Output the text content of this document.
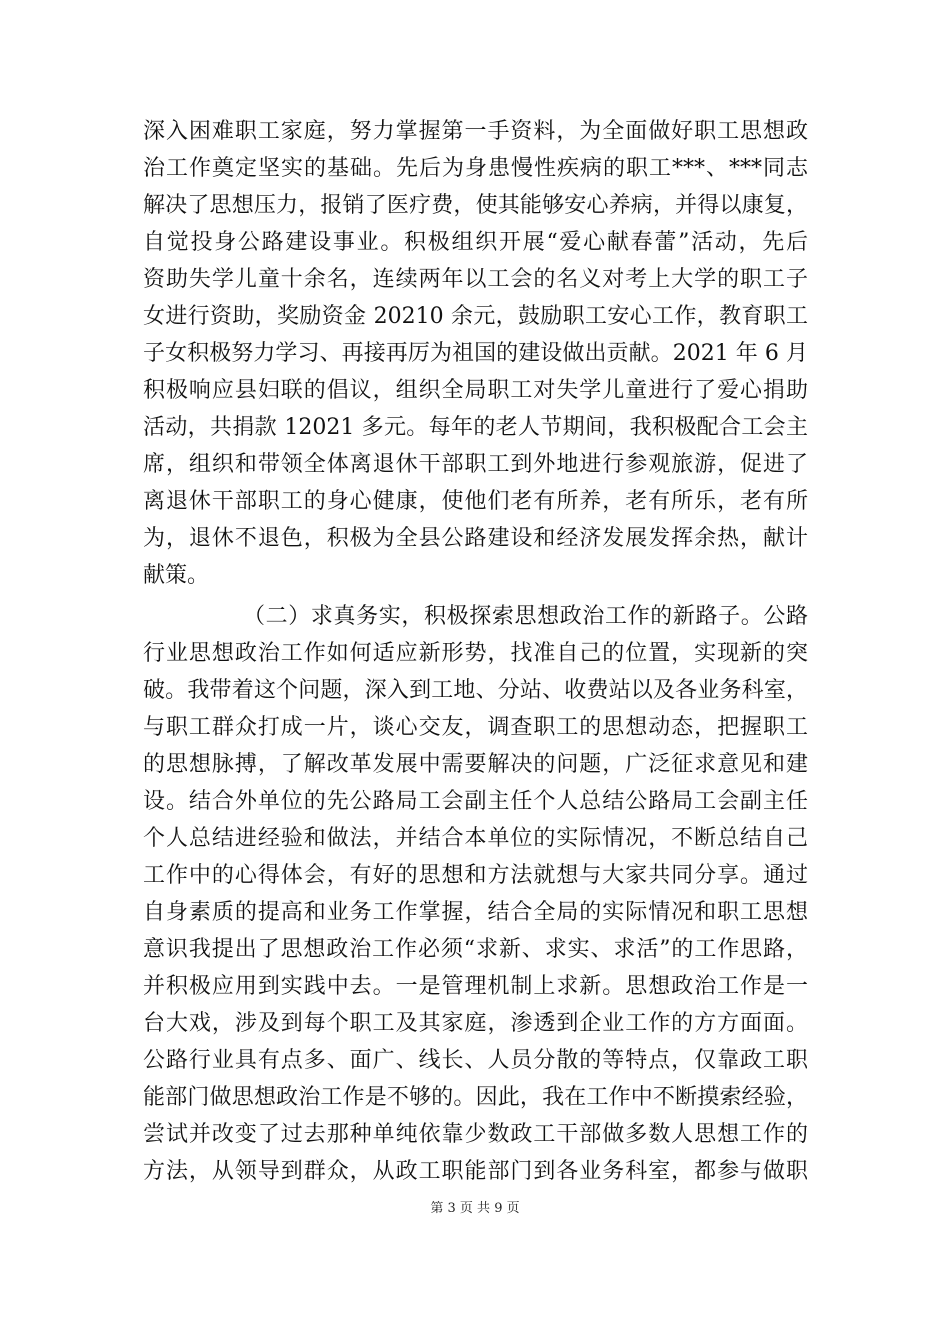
深入困难职工家庭，努力掌握第一手资料，为全面做好职工思想政
治工作奠定坚实的基础。先后为身患慢性疾病的职工***、***同志
解决了思想压力，报销了医疗费，使其能够安心养病，并得以康复，
自觉投身公路建设事业。积极组织开展“爱心献春蕾”活动，先后
资助失学儿童十余名，连续两年以工会的名义对考上大学的职工子
女进行资助，奖励资金 20210 余元，鼓励职工安心工作，教育职工
子女积极努力学习、再接再厉为祖国的建设做出贡献。2021 年 6 月
积极响应县妇联的倡议，组织全局职工对失学儿童进行了爱心捐助
活动，共捐款 12021 多元。每年的老人节期间，我积极配合工会主
席，组织和带领全体离退休干部职工到外地进行参观旅游，促进了
离退休干部职工的身心健康，使他们老有所养，老有所乐，老有所
为，退休不退色，积极为全县公路建设和经济发展发挥余热，献计
献策。
（二）求真务实，积极探索思想政治工作的新路子。公路
行业思想政治工作如何适应新形势，找准自己的位置，实现新的突
破。我带着这个问题，深入到工地、分站、收费站以及各业务科室，
与职工群众打成一片，谈心交友，调查职工的思想动态，把握职工
的思想脉搏，了解改革发展中需要解决的问题，广泛征求意见和建
设。结合外单位的先公路局工会副主任个人总结公路局工会副主任
个人总结进经验和做法，并结合本单位的实际情况，不断总结自己
工作中的心得体会，有好的思想和方法就想与大家共同分享。通过
自身素质的提高和业务工作掌握，结合全局的实际情况和职工思想
意识我提出了思想政治工作必须“求新、求实、求活”的工作思路，
并积极应用到实践中去。一是管理机制上求新。思想政治工作是一
台大戏，涉及到每个职工及其家庭，渗透到企业工作的方方面面。
公路行业具有点多、面广、线长、人员分散的等特点，仅靠政工职
能部门做思想政治工作是不够的。因此，我在工作中不断摸索经验，
尝试并改变了过去那种单纯依靠少数政工干部做多数人思想工作的
方法，从领导到群众，从政工职能部门到各业务科室，都参与做职
第 3 页 共 9 页
